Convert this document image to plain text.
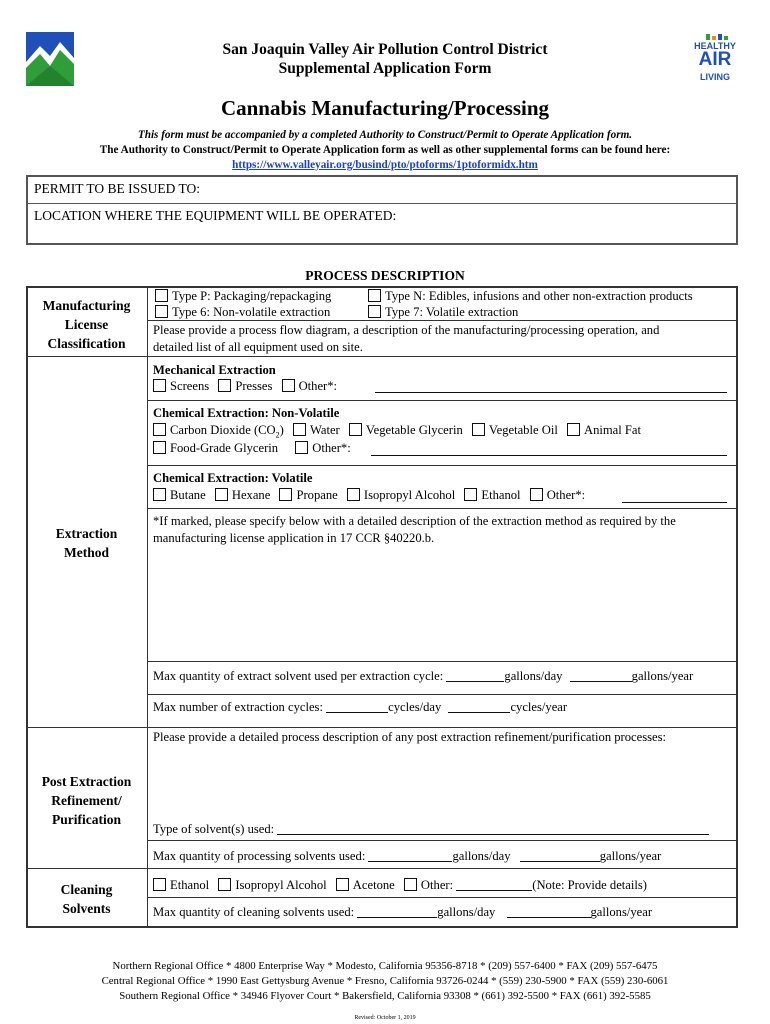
HEALTHY
AIR
LIVING
San Joaquin Valley Air Pollution Control District
Supplemental Application Form
Cannabis Manufacturing/Processing
This form must be accompanied by a completed Authority to Construct/Permit to Operate Application form.
The Authority to Construct/Permit to Operate Application form as well as other supplemental forms can be found here:
https://www.valleyair.org/busind/pto/ptoforms/1ptoformidx.htm
PERMIT TO BE ISSUED TO:
LOCATION WHERE THE EQUIPMENT WILL BE OPERATED:
PROCESS DESCRIPTION
Manufacturing
License
Classification
Type P: Packaging/repackaging	Type N: Edibles, infusions and other non-extraction products
Type 6: Non-volatile extraction	Type 7: Volatile extraction
Please provide a process flow diagram, a description of the manufacturing/processing operation, and
detailed list of all equipment used on site.
Extraction
Method
Mechanical Extraction
Screens Presses Other*:
Chemical Extraction: Non-Volatile
Carbon Dioxide $(CO_2)$ Water Vegetable Glycerin Vegetable Oil Animal Fat
Food-Grade Glycerin	Other*:
Chemical Extraction: Volatile
Butane Hexane Propane Isopropyl Alcohol Ethanol Other*:
*If marked, please specify below with a detailed description of the extraction method as required by the
manufacturing license application in 17 CCR §40220.b.
Max quantity of extract solvent used per extraction cycle:	gallons/day	gallons/year
Max number of extraction cycles:	cycles/day	cycles/year
Post Extraction
Refinement/
Purification
Please provide a detailed process description of any post extraction refinement/purification processes:
Type of solvent(s) used:
Max quantity of processing solvents used:	gallons/day	gallons/year
Cleaning
Solvents
Ethanol Isopropyl Alcohol Acetone Other:	(Note: Provide details)
Max quantity of cleaning solvents used:	gallons/day	gallons/year
Northern Regional Office * 4800 Enterprise Way * Modesto, California 95356-8718 * (209) 557-6400 * FAX (209) 557-6475
Central Regional Office * 1990 East Gettysburg Avenue * Fresno, California 93726-0244 * (559) 230-5900 * FAX (559) 230-6061
Southern Regional Office * 34946 Flyover Court * Bakersfield, California 93308 * (661) 392-5500 * FAX (661) 392-5585
Revised: October 1, 2019
